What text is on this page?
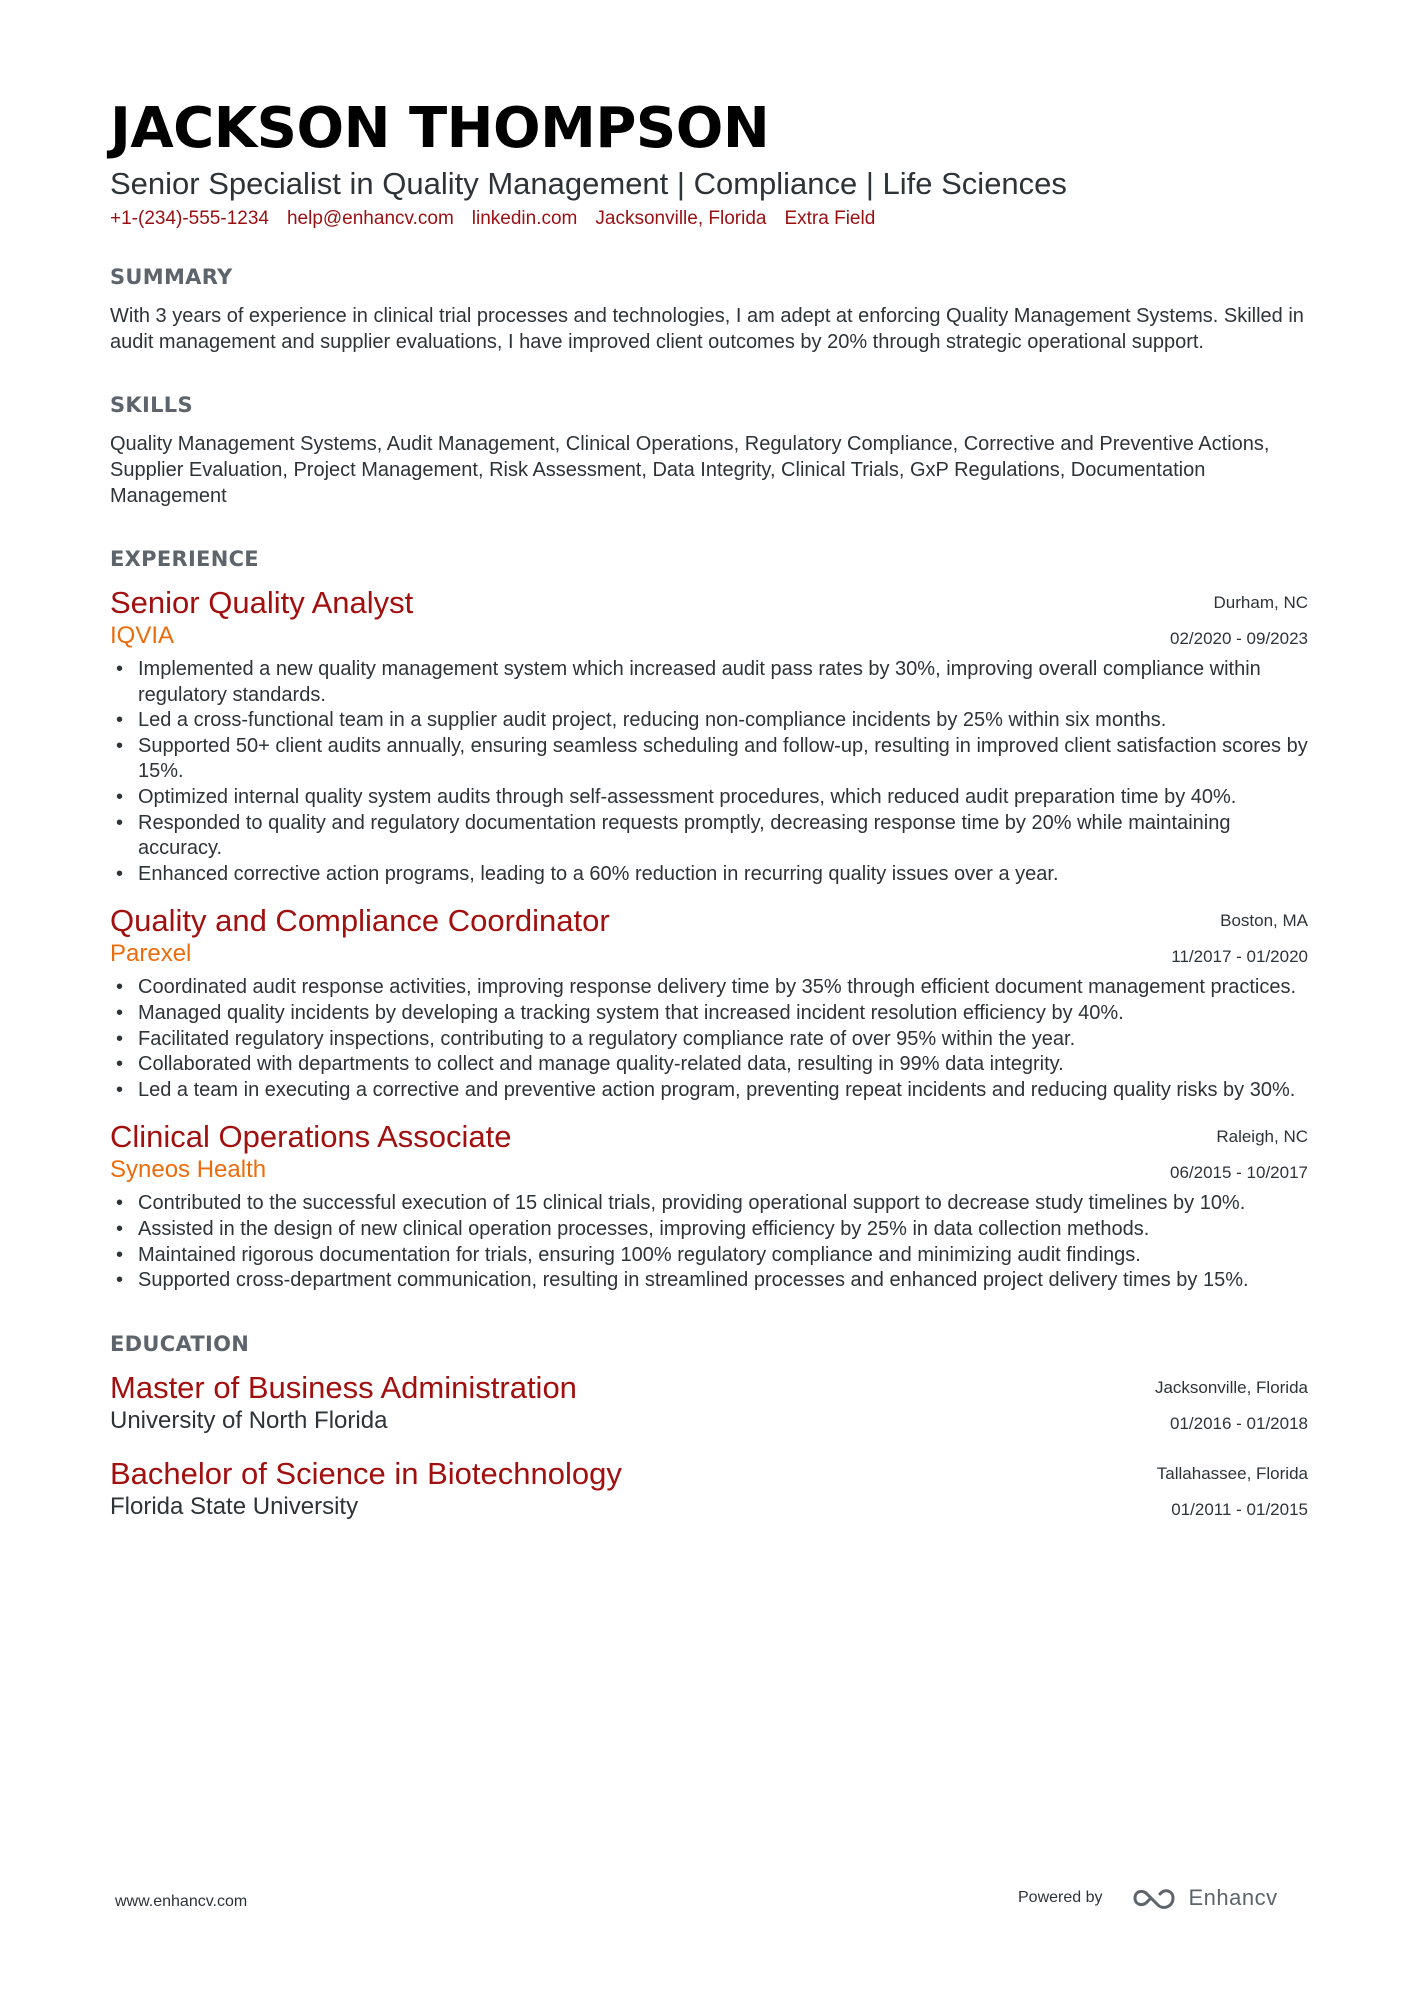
JACKSON THOMPSON
Senior Specialist in Quality Management | Compliance | Life Sciences
+1-(234)-555-1234 help@enhancv.com linkedin.com Jacksonville, Florida Extra Field
SUMMARY
With 3 years of experience in clinical trial processes and technologies, I am adept at enforcing Quality Management Systems. Skilled in audit management and supplier evaluations, I have improved client outcomes by 20% through strategic operational support.
SKILLS
Quality Management Systems, Audit Management, Clinical Operations, Regulatory Compliance, Corrective and Preventive Actions, Supplier Evaluation, Project Management, Risk Assessment, Data Integrity, Clinical Trials, GxP Regulations, Documentation Management
EXPERIENCE
Senior Quality Analyst
IQVIA
Durham, NC
02/2020 - 09/2023
• Implemented a new quality management system which increased audit pass rates by 30%, improving overall compliance within regulatory standards.
• Led a cross-functional team in a supplier audit project, reducing non-compliance incidents by 25% within six months.
• Supported 50+ client audits annually, ensuring seamless scheduling and follow-up, resulting in improved client satisfaction scores by 15%.
• Optimized internal quality system audits through self-assessment procedures, which reduced audit preparation time by 40%.
• Responded to quality and regulatory documentation requests promptly, decreasing response time by 20% while maintaining accuracy.
• Enhanced corrective action programs, leading to a 60% reduction in recurring quality issues over a year.
Quality and Compliance Coordinator
Parexel
Boston, MA
11/2017 - 01/2020
• Coordinated audit response activities, improving response delivery time by 35% through efficient document management practices.
• Managed quality incidents by developing a tracking system that increased incident resolution efficiency by 40%.
• Facilitated regulatory inspections, contributing to a regulatory compliance rate of over 95% within the year.
• Collaborated with departments to collect and manage quality-related data, resulting in 99% data integrity.
• Led a team in executing a corrective and preventive action program, preventing repeat incidents and reducing quality risks by 30%.
Clinical Operations Associate
Syneos Health
Raleigh, NC
06/2015 - 10/2017
• Contributed to the successful execution of 15 clinical trials, providing operational support to decrease study timelines by 10%.
• Assisted in the design of new clinical operation processes, improving efficiency by 25% in data collection methods.
• Maintained rigorous documentation for trials, ensuring 100% regulatory compliance and minimizing audit findings.
• Supported cross-department communication, resulting in streamlined processes and enhanced project delivery times by 15%.
EDUCATION
Master of Business Administration
University of North Florida
Jacksonville, Florida
01/2016 - 01/2018
Bachelor of Science in Biotechnology
Florida State University
Tallahassee, Florida
01/2011 - 01/2015
www.enhancv.com	Powered by	Enhancv
